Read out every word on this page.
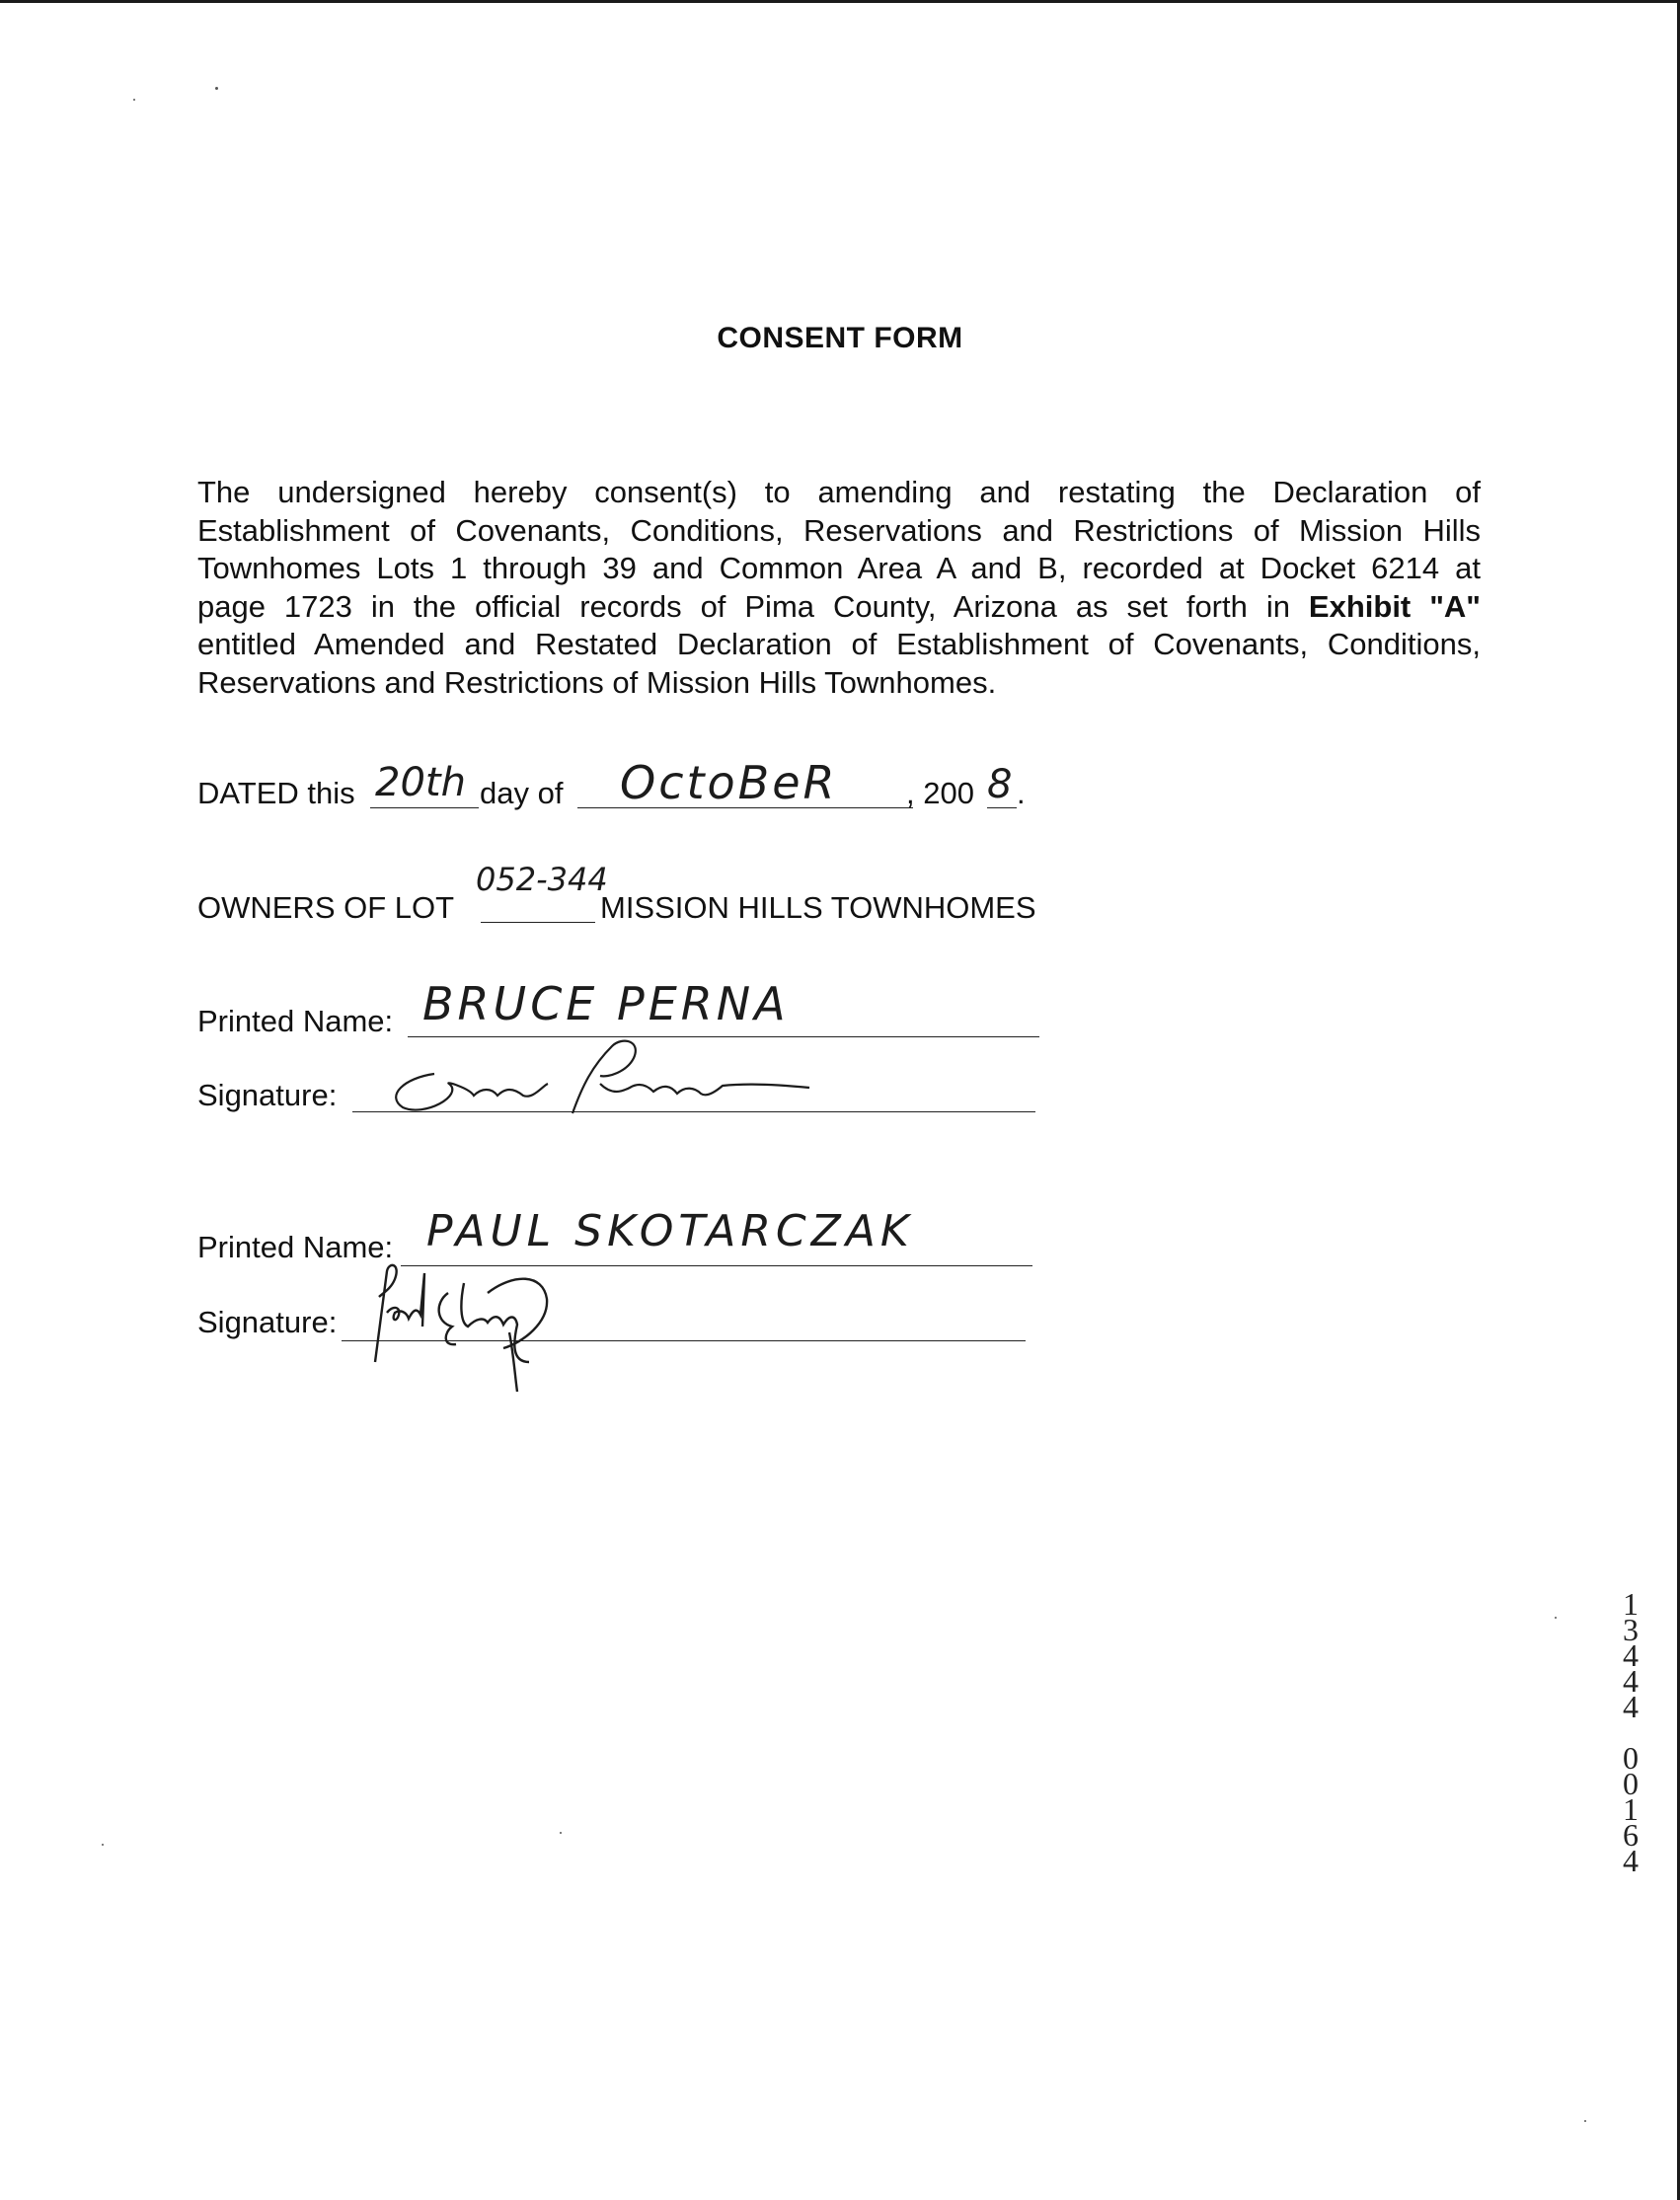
CONSENT FORM
The undersigned hereby consent(s) to amending and restating the Declaration of
Establishment of Covenants, Conditions, Reservations and Restrictions of Mission Hills
Townhomes Lots 1 through 39 and Common Area A and B, recorded at Docket 6214 at
page 1723 in the official records of Pima County, Arizona as set forth in Exhibit "A"
entitled Amended and Restated Declaration of Establishment of Covenants, Conditions,
Reservations and Restrictions of Mission Hills Townhomes.
DATED this 20th day of OctoBeR , 200 8 .
OWNERS OF LOT
052-344
MISSION HILLS TOWNHOMES
Printed Name: BRUCE PERNA
Signature:
Printed Name: PAUL SKOTARCZAK
Signature:
1
3
4
4
4

0
0
1
6
4
